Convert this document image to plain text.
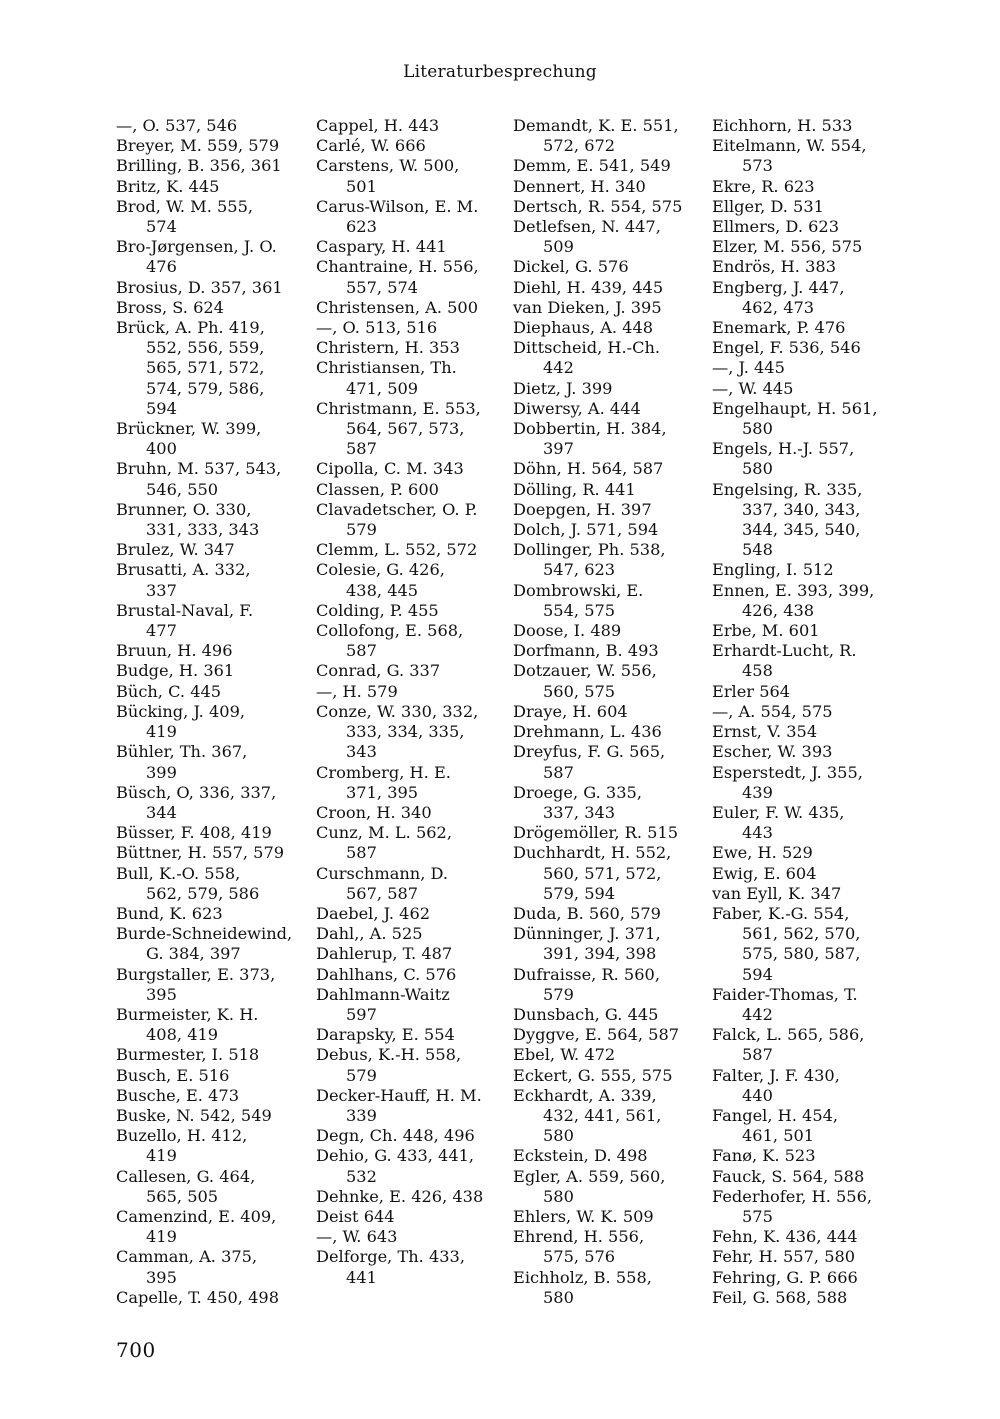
Literaturbesprechung
—, O. 537, 546
Breyer, M. 559, 579
Brilling, B. 356, 361
Britz, K. 445
Brod, W. M. 555,
574
Bro-Jørgensen, J. O.
476
Brosius, D. 357, 361
Bross, S. 624
Brück, A. Ph. 419,
552, 556, 559,
565, 571, 572,
574, 579, 586,
594
Brückner, W. 399,
400
Bruhn, M. 537, 543,
546, 550
Brunner, O. 330,
331, 333, 343
Brulez, W. 347
Brusatti, A. 332,
337
Brustal-Naval, F.
477
Bruun, H. 496
Budge, H. 361
Büch, C. 445
Bücking, J. 409,
419
Bühler, Th. 367,
399
Büsch, O, 336, 337,
344
Büsser, F. 408, 419
Büttner, H. 557, 579
Bull, K.-O. 558,
562, 579, 586
Bund, K. 623
Burde-Schneidewind,
G. 384, 397
Burgstaller, E. 373,
395
Burmeister, K. H.
408, 419
Burmester, I. 518
Busch, E. 516
Busche, E. 473
Buske, N. 542, 549
Buzello, H. 412,
419
Callesen, G. 464,
565, 505
Camenzind, E. 409,
419
Camman, A. 375,
395
Capelle, T. 450, 498
Cappel, H. 443
Carlé, W. 666
Carstens, W. 500,
501
Carus-Wilson, E. M.
623
Caspary, H. 441
Chantraine, H. 556,
557, 574
Christensen, A. 500
—, O. 513, 516
Christern, H. 353
Christiansen, Th.
471, 509
Christmann, E. 553,
564, 567, 573,
587
Cipolla, C. M. 343
Classen, P. 600
Clavadetscher, O. P.
579
Clemm, L. 552, 572
Colesie, G. 426,
438, 445
Colding, P. 455
Collofong, E. 568,
587
Conrad, G. 337
—, H. 579
Conze, W. 330, 332,
333, 334, 335,
343
Cromberg, H. E.
371, 395
Croon, H. 340
Cunz, M. L. 562,
587
Curschmann, D.
567, 587
Daebel, J. 462
Dahl,, A. 525
Dahlerup, T. 487
Dahlhans, C. 576
Dahlmann-Waitz
597
Darapsky, E. 554
Debus, K.-H. 558,
579
Decker-Hauff, H. M.
339
Degn, Ch. 448, 496
Dehio, G. 433, 441,
532
Dehnke, E. 426, 438
Deist 644
—, W. 643
Delforge, Th. 433,
441
Demandt, K. E. 551,
572, 672
Demm, E. 541, 549
Dennert, H. 340
Dertsch, R. 554, 575
Detlefsen, N. 447,
509
Dickel, G. 576
Diehl, H. 439, 445
van Dieken, J. 395
Diephaus, A. 448
Dittscheid, H.-Ch.
442
Dietz, J. 399
Diwersy, A. 444
Dobbertin, H. 384,
397
Döhn, H. 564, 587
Dölling, R. 441
Doepgen, H. 397
Dolch, J. 571, 594
Dollinger, Ph. 538,
547, 623
Dombrowski, E.
554, 575
Doose, I. 489
Dorfmann, B. 493
Dotzauer, W. 556,
560, 575
Draye, H. 604
Drehmann, L. 436
Dreyfus, F. G. 565,
587
Droege, G. 335,
337, 343
Drögemöller, R. 515
Duchhardt, H. 552,
560, 571, 572,
579, 594
Duda, B. 560, 579
Dünninger, J. 371,
391, 394, 398
Dufraisse, R. 560,
579
Dunsbach, G. 445
Dyggve, E. 564, 587
Ebel, W. 472
Eckert, G. 555, 575
Eckhardt, A. 339,
432, 441, 561,
580
Eckstein, D. 498
Egler, A. 559, 560,
580
Ehlers, W. K. 509
Ehrend, H. 556,
575, 576
Eichholz, B. 558,
580
Eichhorn, H. 533
Eitelmann, W. 554,
573
Ekre, R. 623
Ellger, D. 531
Ellmers, D. 623
Elzer, M. 556, 575
Endrös, H. 383
Engberg, J. 447,
462, 473
Enemark, P. 476
Engel, F. 536, 546
—, J. 445
—, W. 445
Engelhaupt, H. 561,
580
Engels, H.-J. 557,
580
Engelsing, R. 335,
337, 340, 343,
344, 345, 540,
548
Engling, I. 512
Ennen, E. 393, 399,
426, 438
Erbe, M. 601
Erhardt-Lucht, R.
458
Erler 564
—, A. 554, 575
Ernst, V. 354
Escher, W. 393
Esperstedt, J. 355,
439
Euler, F. W. 435,
443
Ewe, H. 529
Ewig, E. 604
van Eyll, K. 347
Faber, K.-G. 554,
561, 562, 570,
575, 580, 587,
594
Faider-Thomas, T.
442
Falck, L. 565, 586,
587
Falter, J. F. 430,
440
Fangel, H. 454,
461, 501
Fanø, K. 523
Fauck, S. 564, 588
Federhofer, H. 556,
575
Fehn, K. 436, 444
Fehr, H. 557, 580
Fehring, G. P. 666
Feil, G. 568, 588
700
